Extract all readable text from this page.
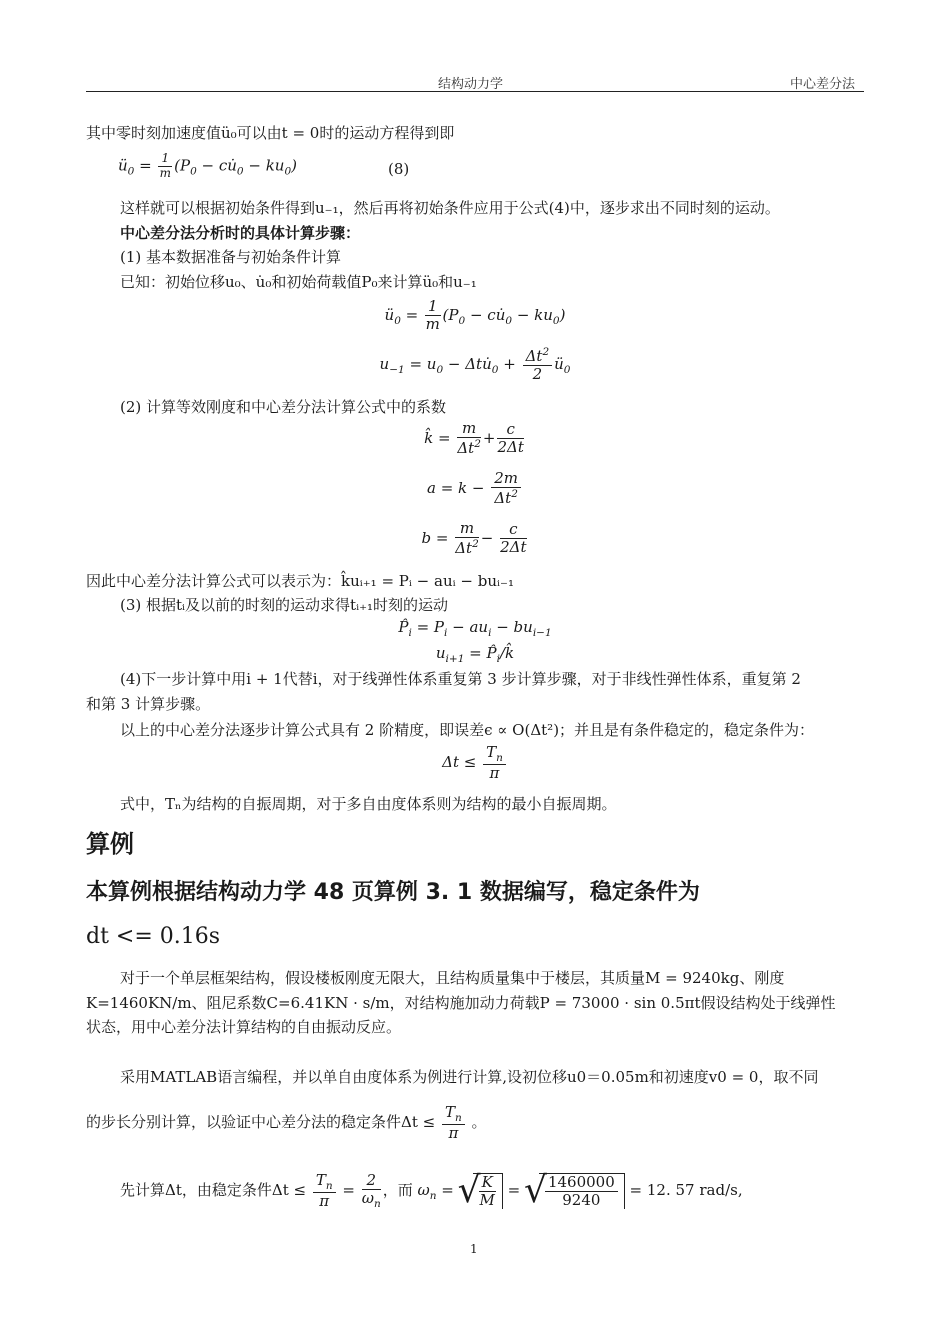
结构动力学	中心差分法
其中零时刻加速度值ü₀可以由t = 0时的运动方程得到即
$ü_0 = \frac{1}{m} (P_0$ − $cu̇_0 - ku_0$)	(8)
这样就可以根据初始条件得到u₋₁，然后再将初始条件应用于公式(4)中，逐步求出不同时刻的运动。
中心差分法分析时的具体计算步骤：
(1) 基本数据准备与初始条件计算
已知：初始位移u₀、u̇₀和初始荷载值P₀来计算ü₀和u₋₁
$ü_0 = \frac{1}{m} (P_0$ − $cu̇_0 - ku_0$)
$u_{-1} = u_0$ − $\Delta tu̇_0 + \frac{\Delta t^2}{2}$ $ü_0$
(2) 计算等效刚度和中心差分法计算公式中的系数
k̂ = $\frac{m}{\Delta t^2} + \frac{c}{2\Delta t}$
$a = k - \frac{2m}{\Delta t^2}$
$b = \frac{m}{\Delta t^2} - \frac{c}{2\Delta t}$
因此中心差分法计算公式可以表示为：k̂uᵢ₊₁ = Pᵢ − auᵢ − buᵢ₋₁
(3) 根据tᵢ及以前的时刻的运动求得tᵢ₊₁时刻的运动
$P̂_i = P_i - au_i - bu_{i-1}$
$u_{i+1}$ = $P̂_i/k̂$
(4)下一步计算中用i + 1代替i，对于线弹性体系重复第 3 步计算步骤，对于非线性弹性体系，重复第 2
和第 3 计算步骤。
以上的中心差分法逐步计算公式具有 2 阶精度，即误差ϵ ∝ O(Δt²)；并且是有条件稳定的，稳定条件为：
$\Delta t \le \frac{T_n}{\pi}$
式中，Tₙ为结构的自振周期，对于多自由度体系则为结构的最小自振周期。
算例
本算例根据结构动力学 48 页算例 3. 1 数据编写，稳定条件为
dt <= 0.16s
对于一个单层框架结构，假设楼板刚度无限大，且结构质量集中于楼层，其质量M = 9240kg、刚度
K=1460KN/m、阻尼系数C=6.41KN · s/m，对结构施加动力荷载P = 73000 · sin 0.5πt假设结构处于线弹性
状态，用中心差分法计算结构的自由振动反应。
采用MATLAB语言编程，并以单自由度体系为例进行计算,设初位移u0＝0.05m和初速度v0 = 0，取不同
的步长分别计算，以验证中心差分法的稳定条件$\Delta t \le \frac{T_n}{\pi}$ 。
先计算Δt，由稳定条件$\Delta t \le \frac{T_n}{\pi} = \frac{2}{\omega_n}$ ，而 $\omega_n$ = √ $\frac{K}{M}$ = √ $\frac{1460000}{9240} = 12$. 57 rad/s,
1
